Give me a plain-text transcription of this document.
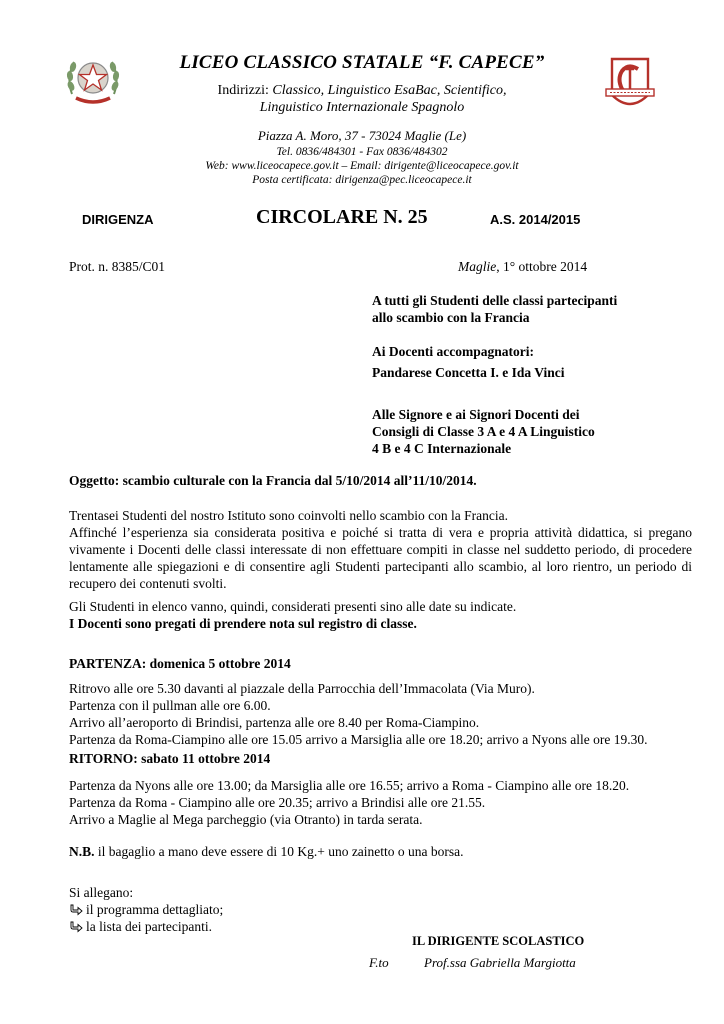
LICEO CLASSICO STATALE “F. CAPECE”
Indirizzi: Classico, Linguistico EsaBac, Scientifico,
Linguistico Internazionale Spagnolo
Piazza A. Moro, 37 - 73024 Maglie (Le)
Tel. 0836/484301 - Fax 0836/484302
Web: www.liceocapece.gov.it – Email: dirigente@liceocapece.gov.it
Posta certificata: dirigenza@pec.liceocapece.it
DIRIGENZA	CIRCOLARE N. 25	A.S. 2014/2015
Prot. n. 8385/C01	Maglie, 1° ottobre 2014
A tutti gli Studenti delle classi partecipanti
allo scambio con la Francia
Ai Docenti accompagnatori:
Pandarese Concetta I. e Ida Vinci
Alle Signore e ai Signori Docenti dei
Consigli di Classe 3 A e 4 A Linguistico
4 B e 4 C Internazionale
Oggetto: scambio culturale con la Francia dal 5/10/2014 all’11/10/2014.
Trentasei Studenti del nostro Istituto sono coinvolti nello scambio con la Francia.
Affinché l’esperienza sia considerata positiva e poiché si tratta di vera e propria attività didattica, si pregano vivamente i Docenti delle classi interessate di non effettuare compiti in classe nel suddetto periodo, di procedere lentamente alle spiegazioni e di consentire agli Studenti partecipanti allo scambio, al loro rientro, un periodo di recupero dei contenuti svolti.
Gli Studenti in elenco vanno, quindi, considerati presenti sino alle date su indicate.
I Docenti sono pregati di prendere nota sul registro di classe.
PARTENZA: domenica 5 ottobre 2014
Ritrovo alle ore 5.30 davanti al piazzale della Parrocchia dell’Immacolata (Via Muro).
Partenza con il pullman alle ore 6.00.
Arrivo all’aeroporto di Brindisi, partenza alle ore 8.40 per Roma-Ciampino.
Partenza da Roma-Ciampino alle ore 15.05 arrivo a Marsiglia alle ore 18.20; arrivo a Nyons alle ore 19.30.
RITORNO: sabato 11 ottobre 2014
Partenza da Nyons alle ore 13.00; da Marsiglia alle ore 16.55; arrivo a Roma - Ciampino alle ore 18.20.
Partenza da Roma - Ciampino alle ore 20.35; arrivo a Brindisi alle ore 21.55.
Arrivo a Maglie al Mega parcheggio (via Otranto) in tarda serata.
N.B. il bagaglio a mano deve essere di 10 Kg.+ uno zainetto o una borsa.
Si allegano:
il programma dettagliato;
la lista dei partecipanti.
IL DIRIGENTE SCOLASTICO
F.to	Prof.ssa Gabriella Margiotta
